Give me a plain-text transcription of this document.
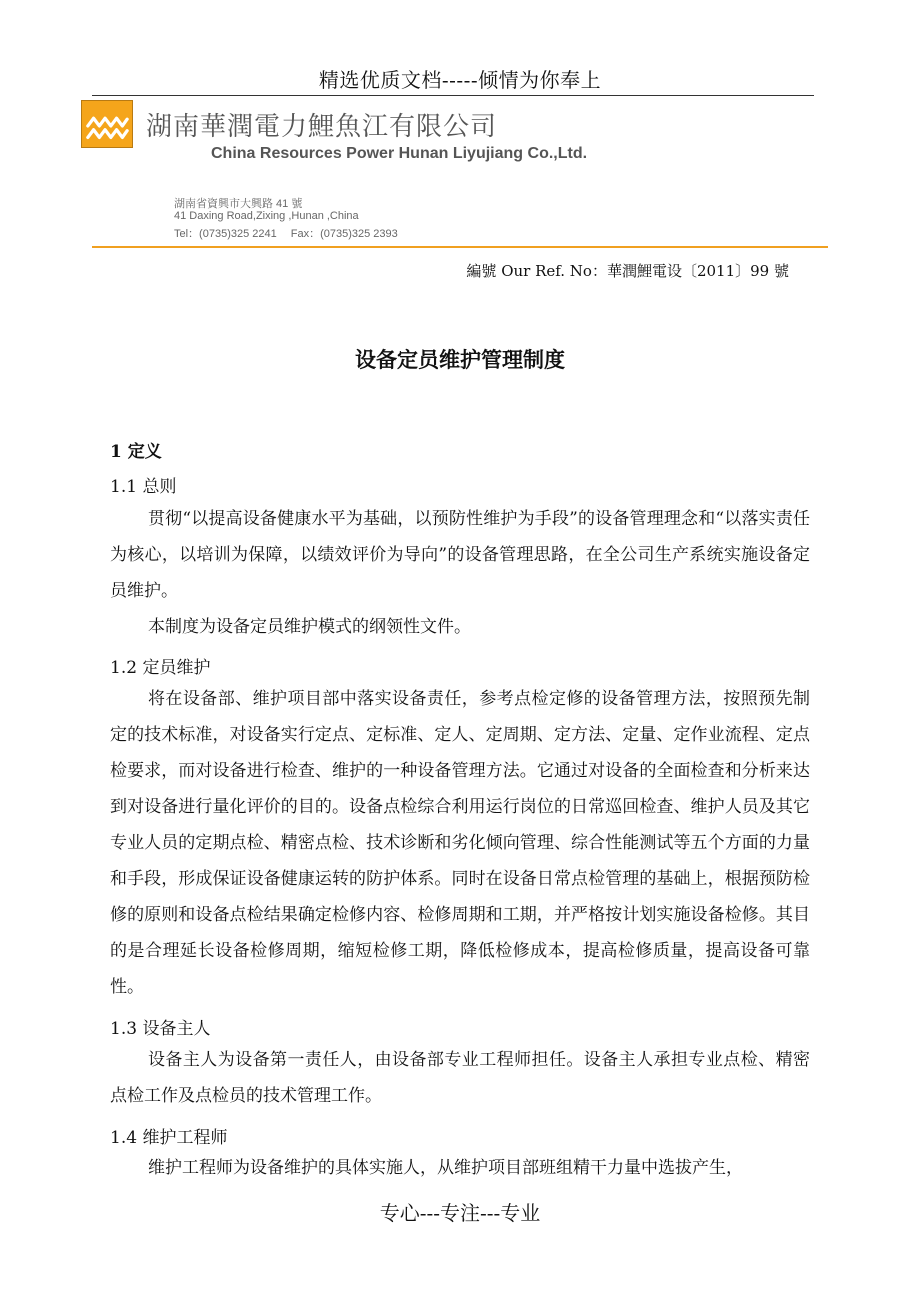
精选优质文档-----倾情为你奉上
湖南華潤電力鯉魚江有限公司
China Resources Power Hunan Liyujiang Co.,Ltd.
湖南省資興市大興路 41 號
41 Daxing Road,Zixing ,Hunan ,China
Tel：(0735)325 2241 Fax：(0735)325 2393
編號 Our Ref. No：華潤鯉電设〔2011〕99 號
设备定员维护管理制度
1 定义
1.1 总则
贯彻“以提高设备健康水平为基础，以预防性维护为手段”的设备管理理念和“以落实责任为核心，以培训为保障，以绩效评价为导向”的设备管理思路，在全公司生产系统实施设备定员维护。
本制度为设备定员维护模式的纲领性文件。
1.2 定员维护
将在设备部、维护项目部中落实设备责任，参考点检定修的设备管理方法，按照预先制定的技术标准，对设备实行定点、定标准、定人、定周期、定方法、定量、定作业流程、定点检要求，而对设备进行检查、维护的一种设备管理方法。它通过对设备的全面检查和分析来达到对设备进行量化评价的目的。设备点检综合利用运行岗位的日常巡回检查、维护人员及其它专业人员的定期点检、精密点检、技术诊断和劣化倾向管理、综合性能测试等五个方面的力量和手段，形成保证设备健康运转的防护体系。同时在设备日常点检管理的基础上，根据预防检修的原则和设备点检结果确定检修内容、检修周期和工期，并严格按计划实施设备检修。其目的是合理延长设备检修周期，缩短检修工期，降低检修成本，提高检修质量，提高设备可靠性。
1.3 设备主人
设备主人为设备第一责任人，由设备部专业工程师担任。设备主人承担专业点检、精密点检工作及点检员的技术管理工作。
1.4 维护工程师
维护工程师为设备维护的具体实施人，从维护项目部班组精干力量中选拔产生，
专心---专注---专业
